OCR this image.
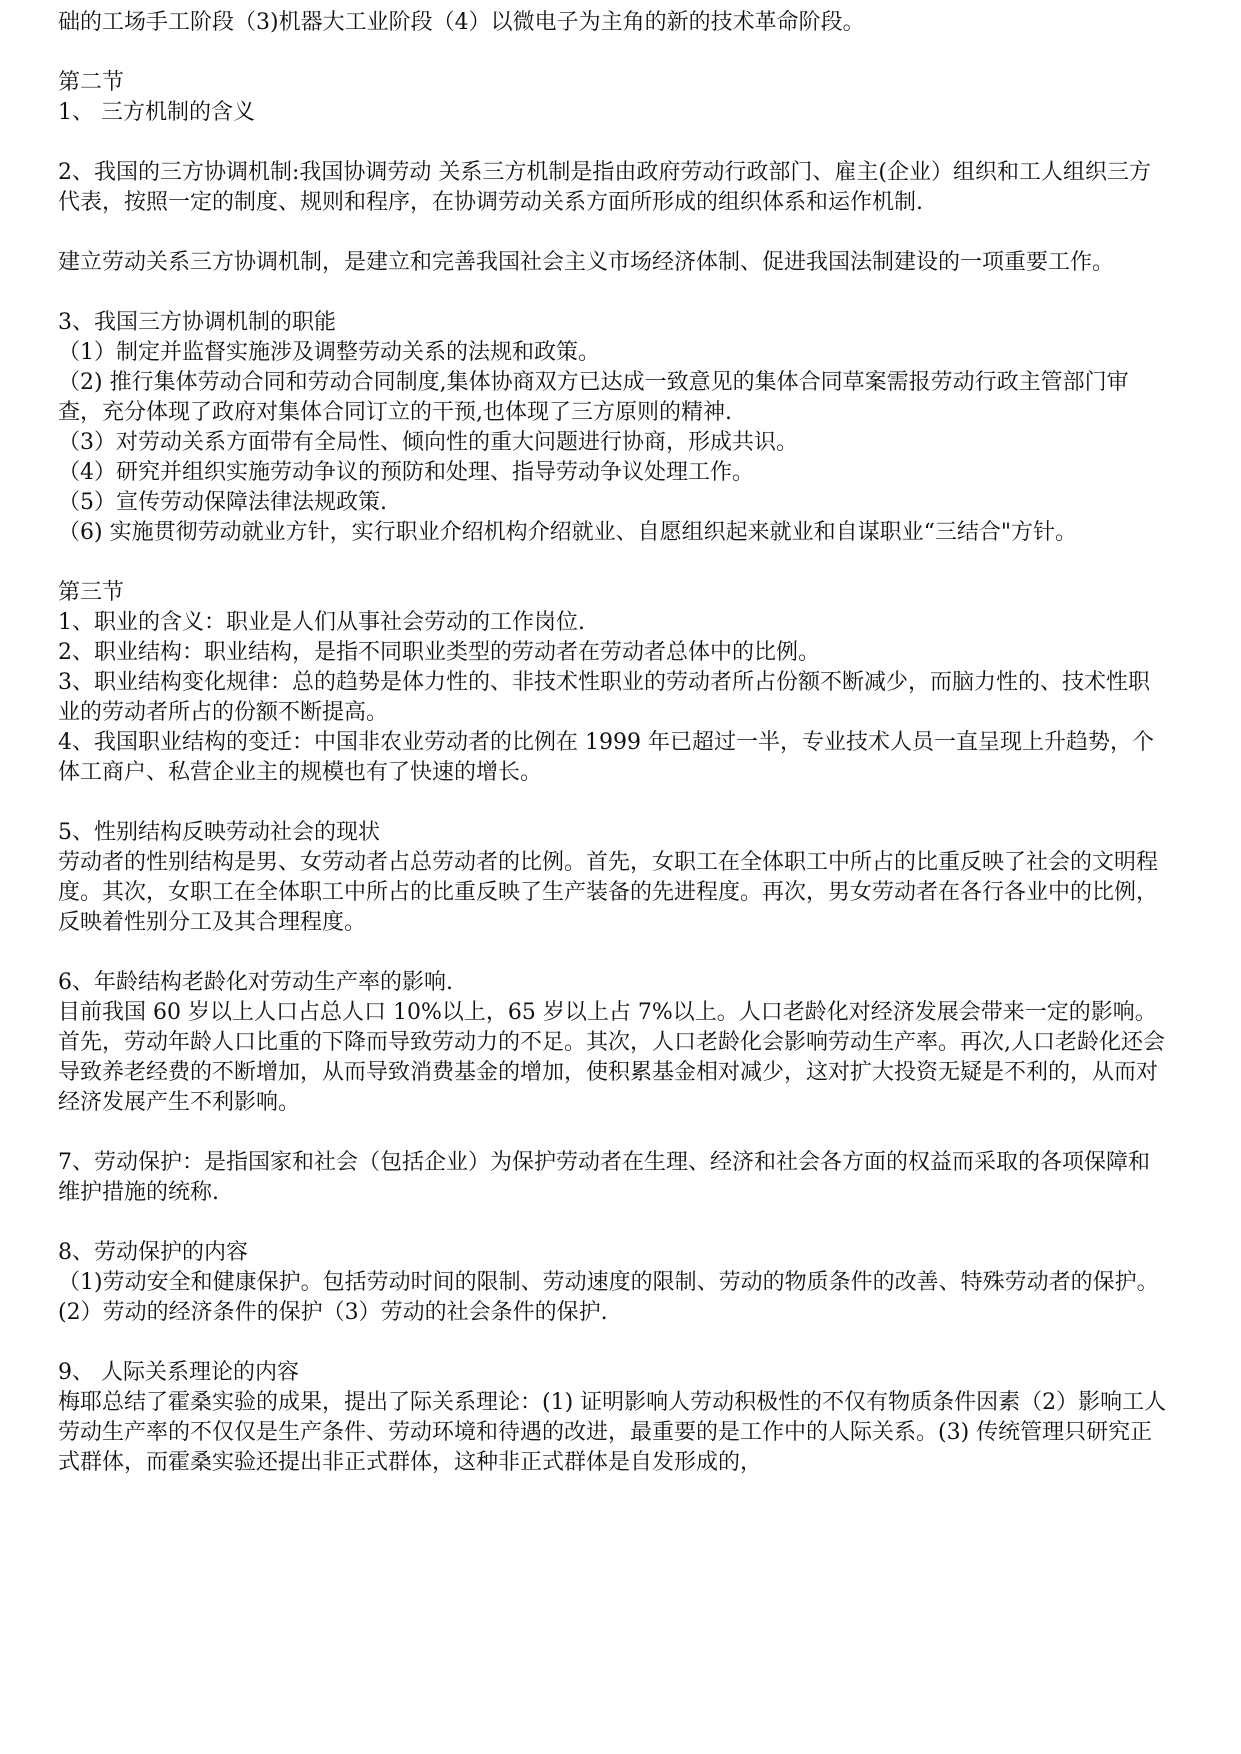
础的工场手工阶段（3)机器大工业阶段（4）以微电子为主角的新的技术革命阶段。

第二节

1、 三方机制的含义

2、我国的三方协调机制:我国协调劳动 关系三方机制是指由政府劳动行政部门、雇主(企业）组织和工人组织三方代表，按照一定的制度、规则和程序，在协调劳动关系方面所形成的组织体系和运作机制.

建立劳动关系三方协调机制，是建立和完善我国社会主义市场经济体制、促进我国法制建设的一项重要工作。

3、我国三方协调机制的职能

（1）制定并监督实施涉及调整劳动关系的法规和政策。

（2) 推行集体劳动合同和劳动合同制度,集体协商双方已达成一致意见的集体合同草案需报劳动行政主管部门审查，充分体现了政府对集体合同订立的干预,也体现了三方原则的精神.

（3）对劳动关系方面带有全局性、倾向性的重大问题进行协商，形成共识。

（4）研究并组织实施劳动争议的预防和处理、指导劳动争议处理工作。

（5）宣传劳动保障法律法规政策.

（6) 实施贯彻劳动就业方针，实行职业介绍机构介绍就业、自愿组织起来就业和自谋职业“三结合"方针。

第三节

1、职业的含义：职业是人们从事社会劳动的工作岗位.

2、职业结构：职业结构，是指不同职业类型的劳动者在劳动者总体中的比例。

3、职业结构变化规律：总的趋势是体力性的、非技术性职业的劳动者所占份额不断减少，而脑力性的、技术性职业的劳动者所占的份额不断提高。

4、我国职业结构的变迁：中国非农业劳动者的比例在 1999 年已超过一半，专业技术人员一直呈现上升趋势，个体工商户、私营企业主的规模也有了快速的增长。

5、性别结构反映劳动社会的现状

劳动者的性别结构是男、女劳动者占总劳动者的比例。首先，女职工在全体职工中所占的比重反映了社会的文明程度。其次，女职工在全体职工中所占的比重反映了生产装备的先进程度。再次，男女劳动者在各行各业中的比例，反映着性别分工及其合理程度。

6、年龄结构老龄化对劳动生产率的影响.

目前我国 60 岁以上人口占总人口 10%以上，65 岁以上占 7%以上。人口老龄化对经济发展会带来一定的影响。首先，劳动年龄人口比重的下降而导致劳动力的不足。其次，人口老龄化会影响劳动生产率。再次,人口老龄化还会导致养老经费的不断增加，从而导致消费基金的增加，使积累基金相对减少，这对扩大投资无疑是不利的，从而对经济发展产生不利影响。

7、劳动保护：是指国家和社会（包括企业）为保护劳动者在生理、经济和社会各方面的权益而采取的各项保障和维护措施的统称.

8、劳动保护的内容

（1)劳动安全和健康保护。包括劳动时间的限制、劳动速度的限制、劳动的物质条件的改善、特殊劳动者的保护。(2）劳动的经济条件的保护（3）劳动的社会条件的保护.

9、 人际关系理论的内容

梅耶总结了霍桑实验的成果，提出了际关系理论：(1) 证明影响人劳动积极性的不仅有物质条件因素（2）影响工人劳动生产率的不仅仅是生产条件、劳动环境和待遇的改进，最重要的是工作中的人际关系。(3) 传统管理只研究正式群体，而霍桑实验还提出非正式群体，这种非正式群体是自发形成的，
